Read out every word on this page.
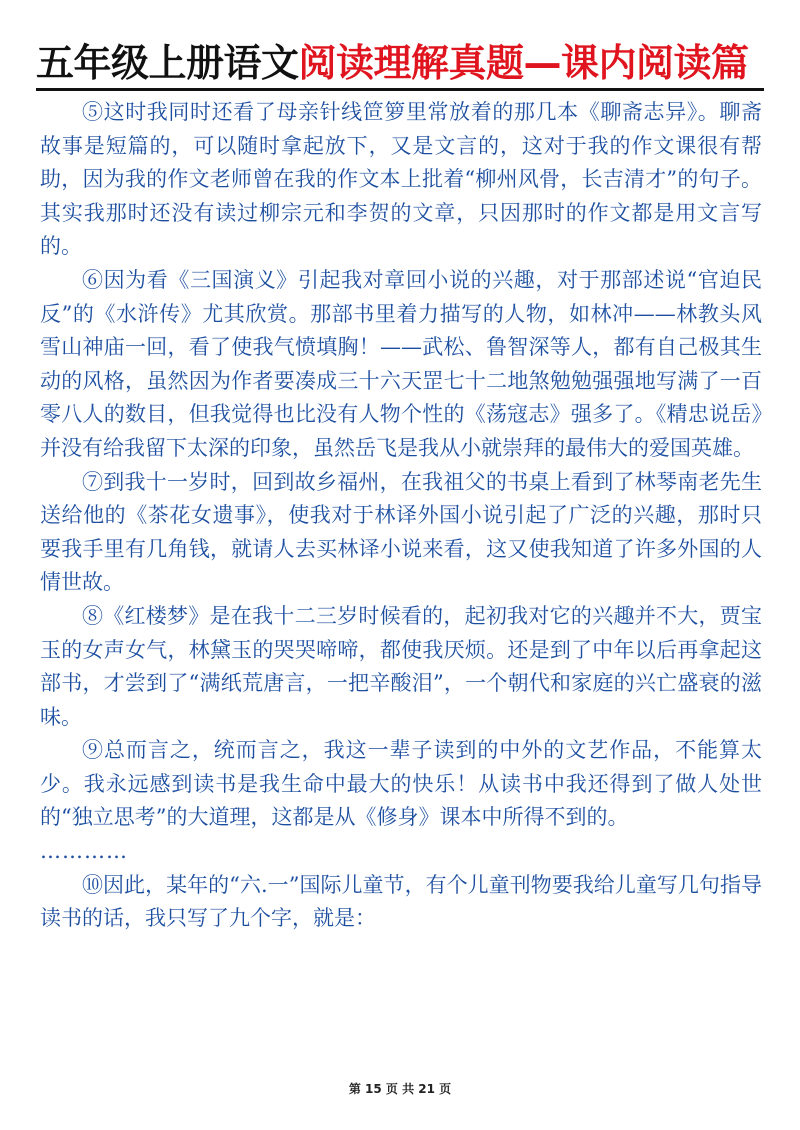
五年级上册语文阅读理解真题—课内阅读篇

⑤这时我同时还看了母亲针线笸箩里常放着的那几本《聊斋志异》。聊斋故事是短篇的，可以随时拿起放下，又是文言的，这对于我的作文课很有帮助，因为我的作文老师曾在我的作文本上批着“柳州风骨，长吉清才”的句子。其实我那时还没有读过柳宗元和李贺的文章，只因那时的作文都是用文言写的。

⑥因为看《三国演义》引起我对章回小说的兴趣，对于那部述说“官迫民反”的《水浒传》尤其欣赏。那部书里着力描写的人物，如林冲——林教头风雪山神庙一回，看了使我气愤填胸！——武松、鲁智深等人，都有自己极其生动的风格，虽然因为作者要凑成三十六天罡七十二地煞勉勉强强地写满了一百零八人的数目，但我觉得也比没有人物个性的《荡寇志》强多了。《精忠说岳》并没有给我留下太深的印象，虽然岳飞是我从小就崇拜的最伟大的爱国英雄。

⑦到我十一岁时，回到故乡福州，在我祖父的书桌上看到了林琴南老先生送给他的《茶花女遗事》，使我对于林译外国小说引起了广泛的兴趣，那时只要我手里有几角钱，就请人去买林译小说来看，这又使我知道了许多外国的人情世故。

⑧《红楼梦》是在我十二三岁时候看的，起初我对它的兴趣并不大，贾宝玉的女声女气，林黛玉的哭哭啼啼，都使我厌烦。还是到了中年以后再拿起这部书，才尝到了“满纸荒唐言，一把辛酸泪”，一个朝代和家庭的兴亡盛衰的滋味。

⑨总而言之，统而言之，我这一辈子读到的中外的文艺作品，不能算太少。我永远感到读书是我生命中最大的快乐！从读书中我还得到了做人处世的“独立思考”的大道理，这都是从《修身》课本中所得不到的。

…………

⑩因此，某年的“六.一”国际儿童节，有个儿童刊物要我给儿童写几句指导读书的话，我只写了九个字，就是：

第 15 页 共 21 页
